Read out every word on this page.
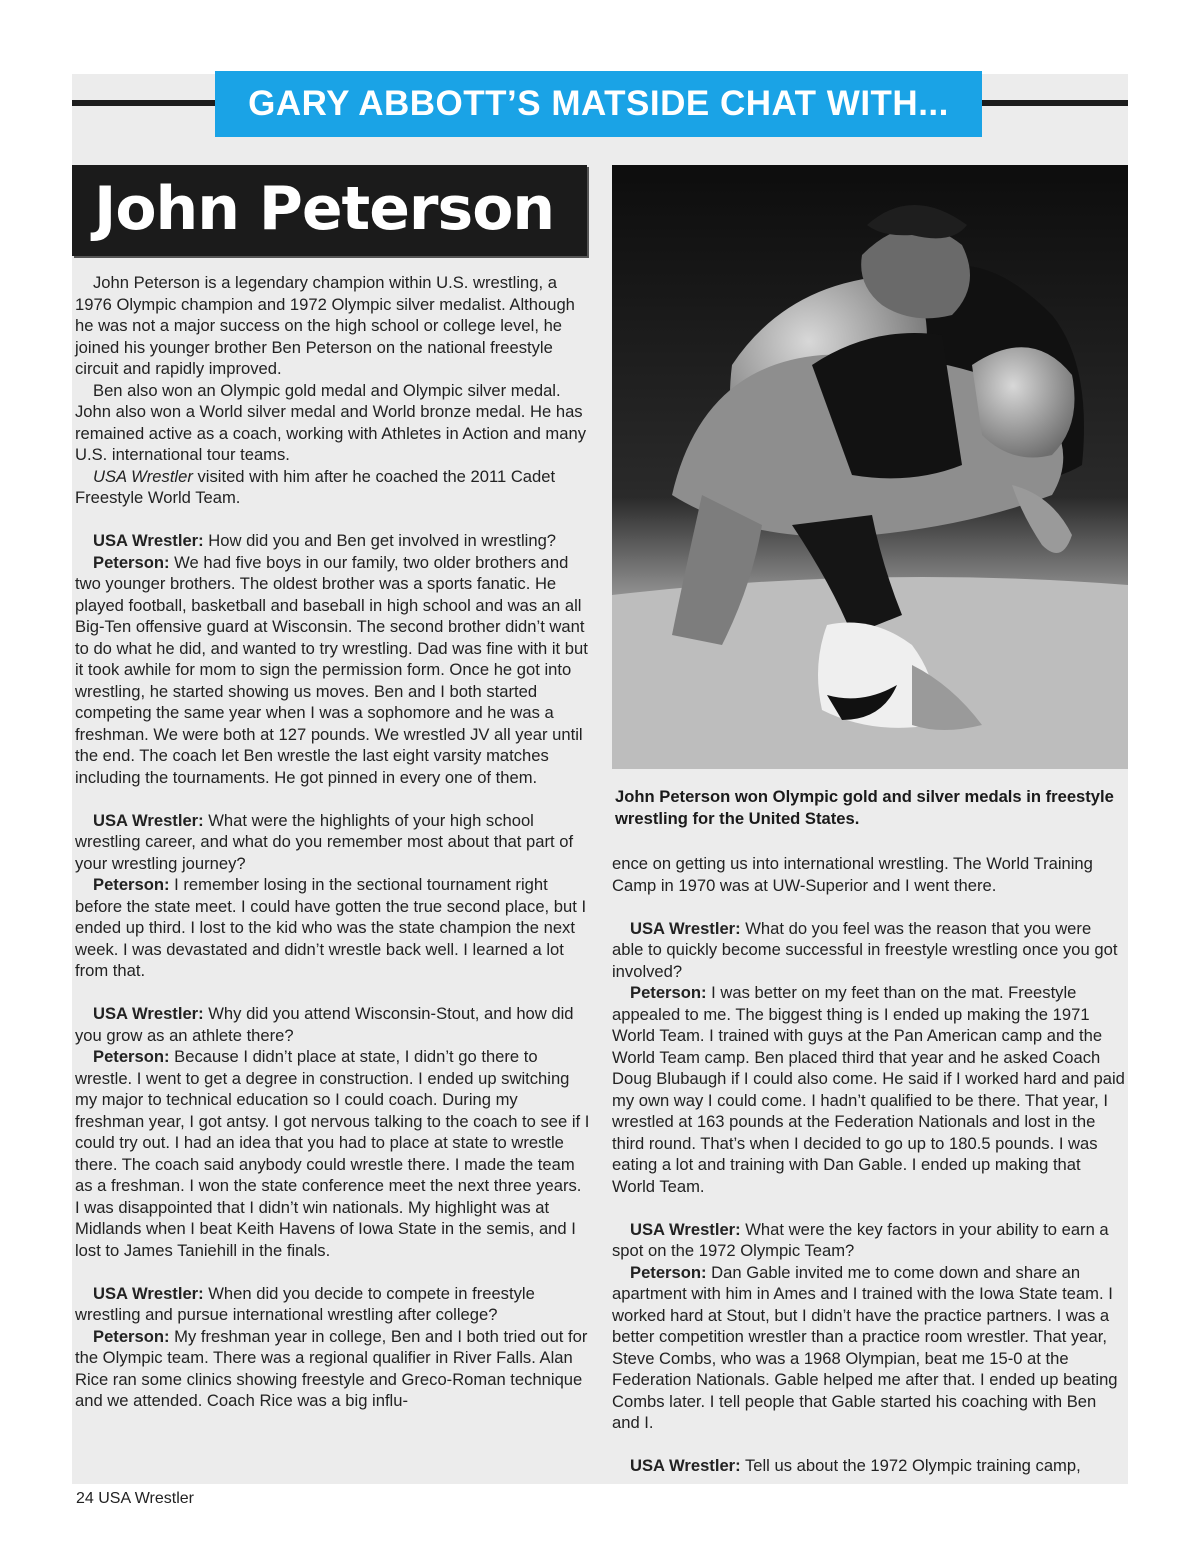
GARY ABBOTT’S MATSIDE CHAT WITH...
John Peterson

John Peterson is a legendary champion within U.S. wrestling, a 1976 Olympic champion and 1972 Olympic silver medalist. Although he was not a major success on the high school or college level, he joined his younger brother Ben Peterson on the national freestyle circuit and rapidly improved.

Ben also won an Olympic gold medal and Olympic silver medal. John also won a World silver medal and World bronze medal. He has remained active as a coach, working with Athletes in Action and many U.S. international tour teams.

USA Wrestler visited with him after he coached the 2011 Cadet Freestyle World Team.

USA Wrestler: How did you and Ben get involved in wrestling?

Peterson: We had five boys in our family, two older brothers and two younger brothers. The oldest brother was a sports fanatic. He played football, basketball and baseball in high school and was an all Big-Ten offensive guard at Wisconsin. The second brother didn’t want to do what he did, and wanted to try wrestling. Dad was fine with it but it took awhile for mom to sign the permission form. Once he got into wrestling, he started showing us moves. Ben and I both started competing the same year when I was a sophomore and he was a freshman. We were both at 127 pounds. We wrestled JV all year until the end. The coach let Ben wrestle the last eight varsity matches including the tournaments. He got pinned in every one of them.

USA Wrestler: What were the highlights of your high school wrestling career, and what do you remember most about that part of your wrestling journey?

Peterson: I remember losing in the sectional tournament right before the state meet. I could have gotten the true second place, but I ended up third. I lost to the kid who was the state champion the next week. I was devastated and didn’t wrestle back well. I learned a lot from that.

USA Wrestler: Why did you attend Wisconsin-Stout, and how did you grow as an athlete there?

Peterson: Because I didn’t place at state, I didn’t go there to wrestle. I went to get a degree in construction. I ended up switching my major to technical education so I could coach. During my freshman year, I got antsy. I got nervous talking to the coach to see if I could try out. I had an idea that you had to place at state to wrestle there. The coach said anybody could wrestle there. I made the team as a freshman. I won the state conference meet the next three years. I was disappointed that I didn’t win nationals. My highlight was at Midlands when I beat Keith Havens of Iowa State in the semis, and I lost to James Taniehill in the finals.

USA Wrestler: When did you decide to compete in freestyle wrestling and pursue international wrestling after college?

Peterson: My freshman year in college, Ben and I both tried out for the Olympic team. There was a regional qualifier in River Falls. Alan Rice ran some clinics showing freestyle and Greco-Roman technique and we attended. Coach Rice was a big influ-

John Peterson won Olympic gold and silver medals in freestyle wrestling for the United States.

ence on getting us into international wrestling. The World Training Camp in 1970 was at UW-Superior and I went there.

USA Wrestler: What do you feel was the reason that you were able to quickly become successful in freestyle wrestling once you got involved?

Peterson: I was better on my feet than on the mat. Freestyle appealed to me. The biggest thing is I ended up making the 1971 World Team. I trained with guys at the Pan American camp and the World Team camp. Ben placed third that year and he asked Coach Doug Blubaugh if I could also come. He said if I worked hard and paid my own way I could come. I hadn’t qualified to be there. That year, I wrestled at 163 pounds at the Federation Nationals and lost in the third round. That’s when I decided to go up to 180.5 pounds. I was eating a lot and training with Dan Gable. I ended up making that World Team.

USA Wrestler: What were the key factors in your ability to earn a spot on the 1972 Olympic Team?

Peterson: Dan Gable invited me to come down and share an apartment with him in Ames and I trained with the Iowa State team. I worked hard at Stout, but I didn’t have the practice partners. I was a better competition wrestler than a practice room wrestler. That year, Steve Combs, who was a 1968 Olympian, beat me 15-0 at the Federation Nationals. Gable helped me after that. I ended up beating Combs later. I tell people that Gable started his coaching with Ben and I.

USA Wrestler: Tell us about the 1972 Olympic training camp,

24 USA Wrestler
